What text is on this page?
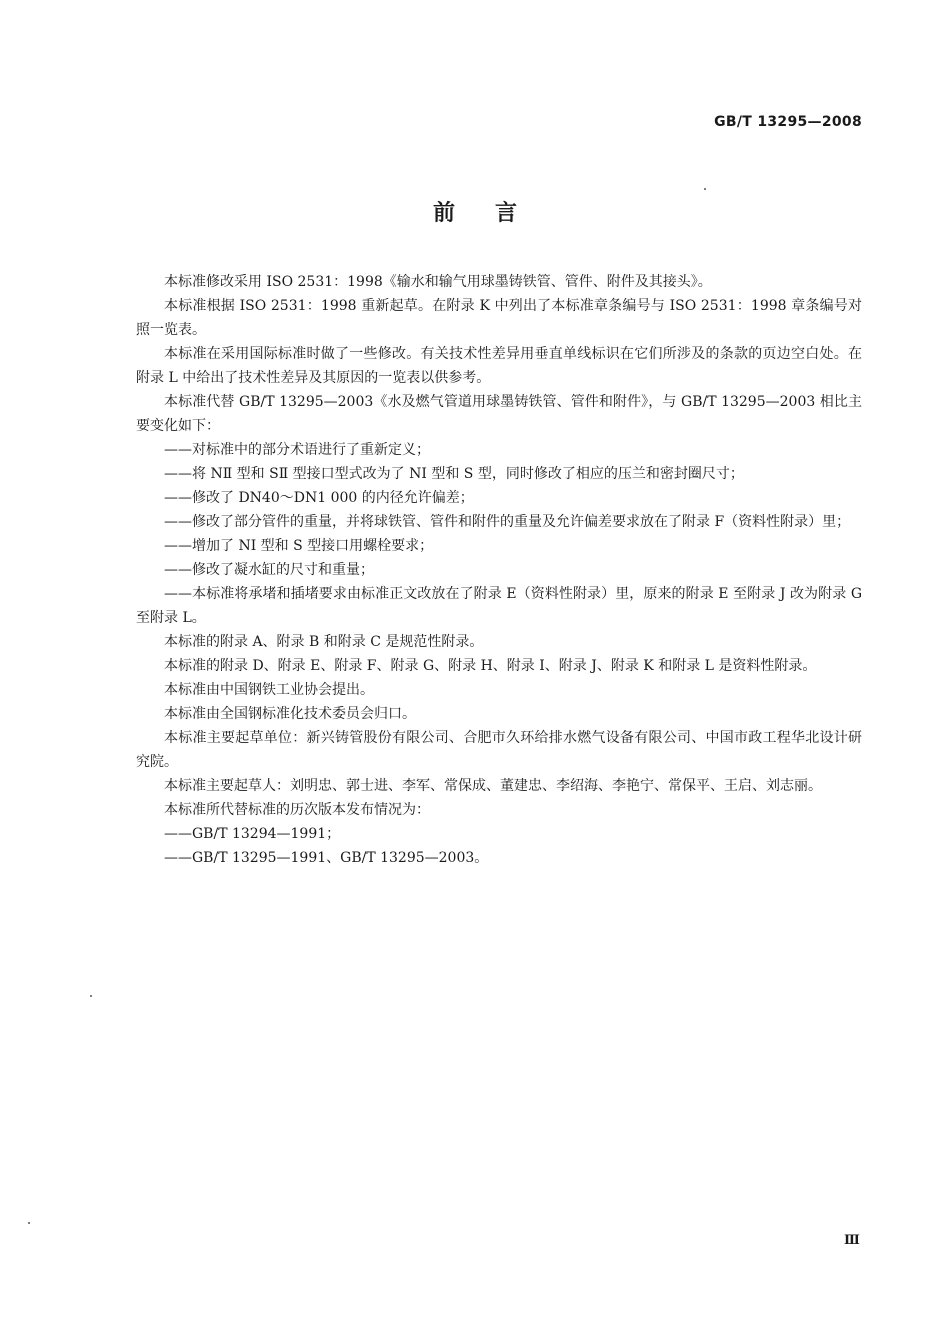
GB/T 13295—2008
前言

本标准修改采用 ISO 2531：1998《输水和输气用球墨铸铁管、管件、附件及其接头》。

本标准根据 ISO 2531：1998 重新起草。在附录 K 中列出了本标准章条编号与 ISO 2531：1998 章条编号对照一览表。

本标准在采用国际标准时做了一些修改。有关技术性差异用垂直单线标识在它们所涉及的条款的页边空白处。在附录 L 中给出了技术性差异及其原因的一览表以供参考。

本标准代替 GB/T 13295—2003《水及燃气管道用球墨铸铁管、管件和附件》，与 GB/T 13295—2003 相比主要变化如下：

——对标准中的部分术语进行了重新定义；

——将 NⅡ 型和 SⅡ 型接口型式改为了 NⅠ 型和 S 型，同时修改了相应的压兰和密封圈尺寸；

——修改了 DN40～DN1 000 的内径允许偏差；

——修改了部分管件的重量，并将球铁管、管件和附件的重量及允许偏差要求放在了附录 F（资料性附录）里；

——增加了 NⅠ 型和 S 型接口用螺栓要求；

——修改了凝水缸的尺寸和重量；

——本标准将承堵和插堵要求由标准正文改放在了附录 E（资料性附录）里，原来的附录 E 至附录 J 改为附录 G 至附录 L。

本标准的附录 A、附录 B 和附录 C 是规范性附录。

本标准的附录 D、附录 E、附录 F、附录 G、附录 H、附录 I、附录 J、附录 K 和附录 L 是资料性附录。

本标准由中国钢铁工业协会提出。

本标准由全国钢标准化技术委员会归口。

本标准主要起草单位：新兴铸管股份有限公司、合肥市久环给排水燃气设备有限公司、中国市政工程华北设计研究院。

本标准主要起草人：刘明忠、郭士进、李军、常保成、董建忠、李绍海、李艳宁、常保平、王启、刘志丽。

本标准所代替标准的历次版本发布情况为：

——GB/T 13294—1991；

——GB/T 13295—1991、GB/T 13295—2003。

Ⅲ
